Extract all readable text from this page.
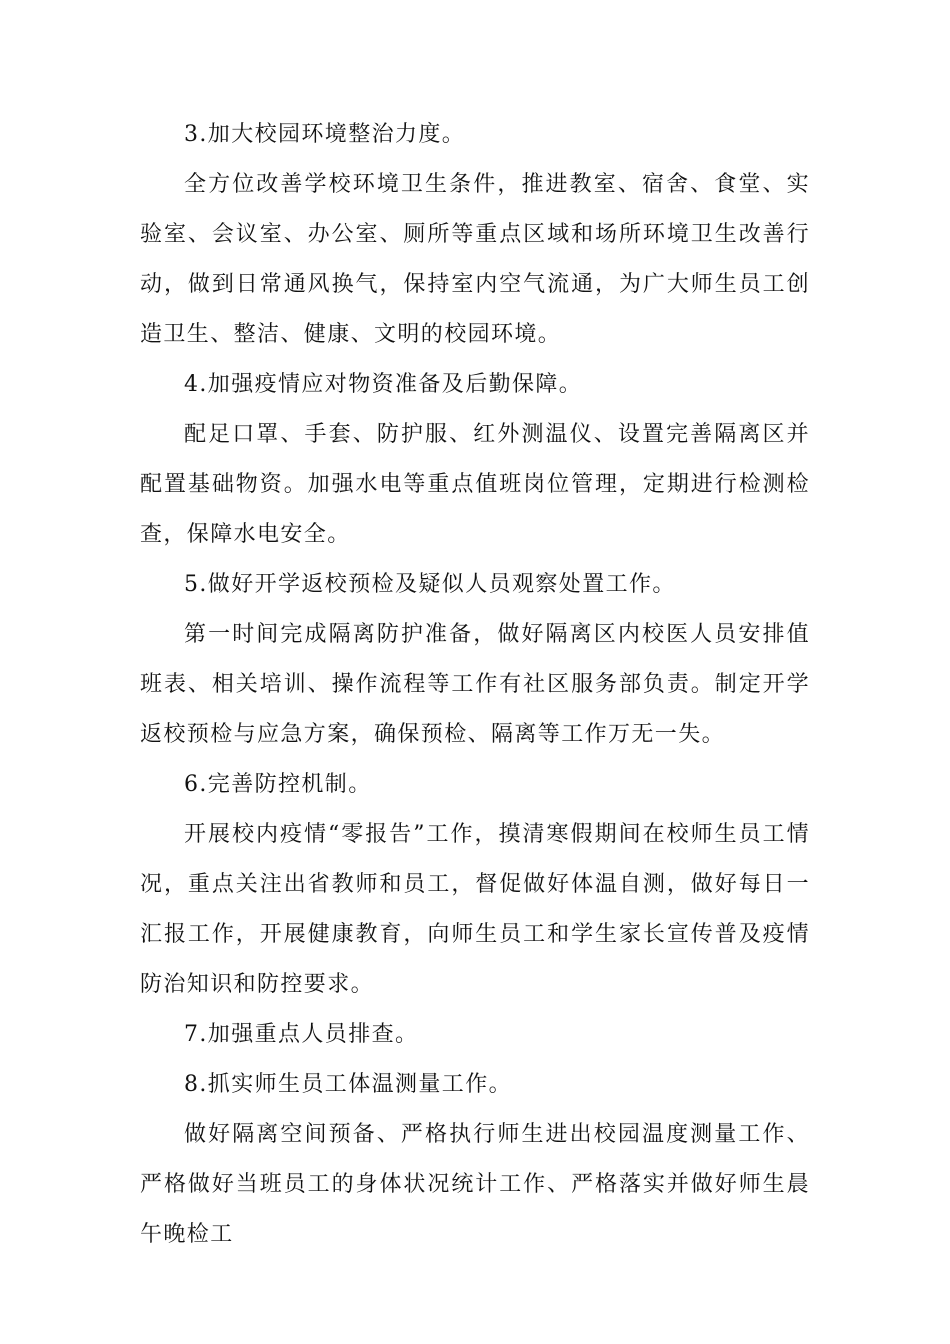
3.加大校园环境整治力度。

全方位改善学校环境卫生条件，推进教室、宿舍、食堂、实验室、会议室、办公室、厕所等重点区域和场所环境卫生改善行动，做到日常通风换气，保持室内空气流通，为广大师生员工创造卫生、整洁、健康、文明的校园环境。

4.加强疫情应对物资准备及后勤保障。

配足口罩、手套、防护服、红外测温仪、设置完善隔离区并配置基础物资。加强水电等重点值班岗位管理，定期进行检测检查，保障水电安全。

5.做好开学返校预检及疑似人员观察处置工作。

第一时间完成隔离防护准备，做好隔离区内校医人员安排值班表、相关培训、操作流程等工作有社区服务部负责。制定开学返校预检与应急方案，确保预检、隔离等工作万无一失。

6.完善防控机制。

开展校内疫情“零报告”工作，摸清寒假期间在校师生员工情况，重点关注出省教师和员工，督促做好体温自测，做好每日一汇报工作，开展健康教育，向师生员工和学生家长宣传普及疫情防治知识和防控要求。

7.加强重点人员排查。

8.抓实师生员工体温测量工作。

做好隔离空间预备、严格执行师生进出校园温度测量工作、严格做好当班员工的身体状况统计工作、严格落实并做好师生晨午晚检工
